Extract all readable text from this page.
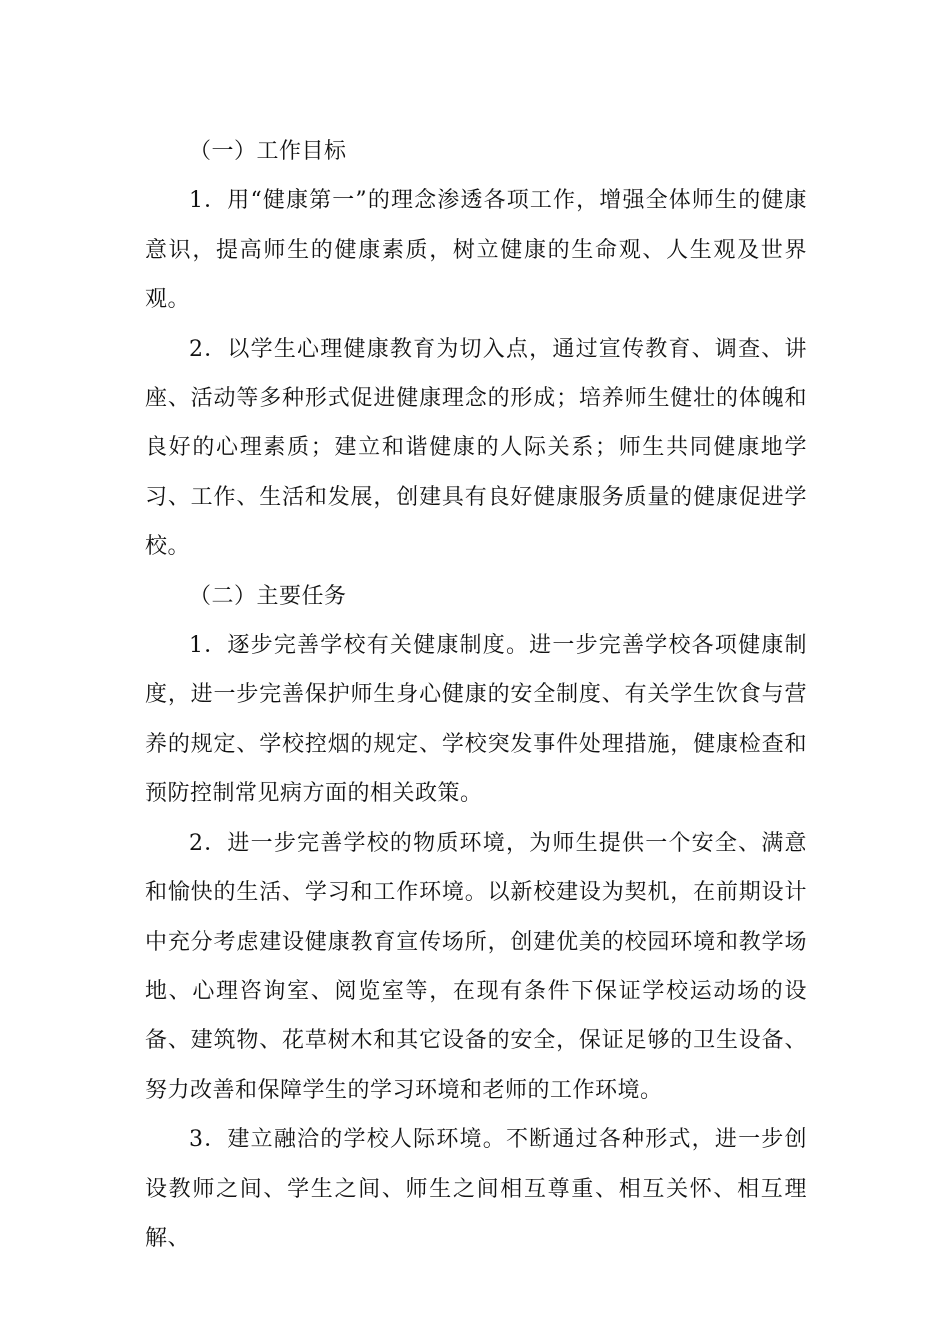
（一）工作目标

1．用“健康第一”的理念渗透各项工作，增强全体师生的健康意识，提高师生的健康素质，树立健康的生命观、人生观及世界观。

2．以学生心理健康教育为切入点，通过宣传教育、调查、讲座、活动等多种形式促进健康理念的形成；培养师生健壮的体魄和良好的心理素质；建立和谐健康的人际关系；师生共同健康地学习、工作、生活和发展，创建具有良好健康服务质量的健康促进学校。

（二）主要任务

1．逐步完善学校有关健康制度。进一步完善学校各项健康制度，进一步完善保护师生身心健康的安全制度、有关学生饮食与营养的规定、学校控烟的规定、学校突发事件处理措施，健康检查和预防控制常见病方面的相关政策。

2．进一步完善学校的物质环境，为师生提供一个安全、满意和愉快的生活、学习和工作环境。以新校建设为契机，在前期设计中充分考虑建设健康教育宣传场所，创建优美的校园环境和教学场地、心理咨询室、阅览室等，在现有条件下保证学校运动场的设备、建筑物、花草树木和其它设备的安全，保证足够的卫生设备、努力改善和保障学生的学习环境和老师的工作环境。

3．建立融洽的学校人际环境。不断通过各种形式，进一步创设教师之间、学生之间、师生之间相互尊重、相互关怀、相互理解、
